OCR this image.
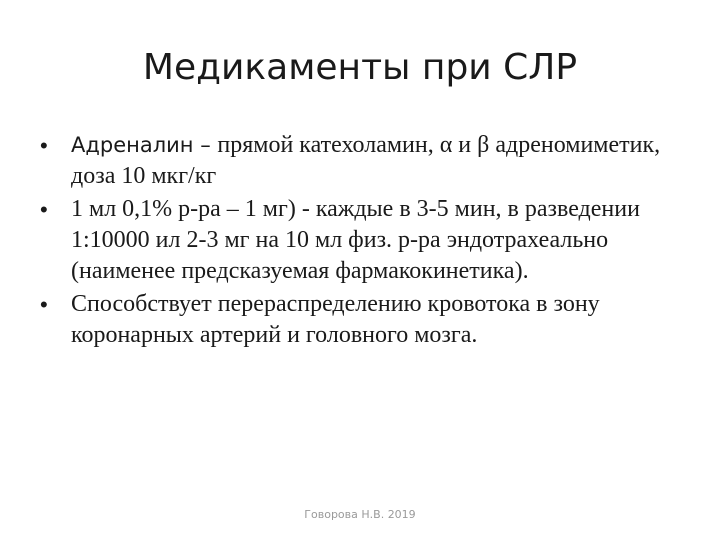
Медикаменты при СЛР
•	Адреналин – прямой катехоламин, α и β адреномиметик, доза 10 мкг/кг
• 1 мл 0,1% р-ра – 1 мг) - каждые в 3-5 мин, в разведении 1:10000 ил 2-3 мг на 10 мл физ. р-ра эндотрахеально (наименее предсказуемая фармакокинетика).
• Способствует перераспределению кровотока в зону коронарных артерий и головного мозга.
Говорова Н.В. 2019
